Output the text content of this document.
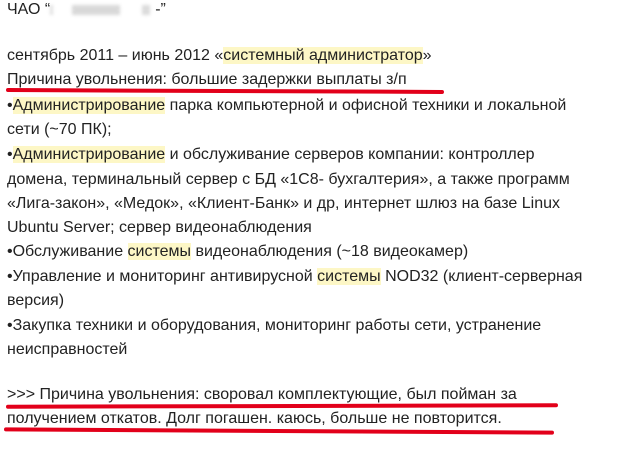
ЧАО “	-”
сентябрь 2011 – июнь 2012 «системный администратор»
Причина увольнения: большие задержки выплаты з/п
•Администрирование парка компьютерной и офисной техники и локальной
сети (~70 ПК);
•Администрирование и обслуживание серверов компании: контроллер
домена, терминальный сервер с БД «1С8- бухгалтерия», а также программ
«Лига-закон», «Медок», «Клиент-Банк» и др, интернет шлюз на базе Linux
Ubuntu Server; сервер видеонаблюдения
•Обслуживание системы видеонаблюдения (~18 видеокамер)
•Управление и мониторинг антивирусной системы NOD32 (клиент-серверная
версия)
•Закупка техники и оборудования, мониторинг работы сети, устранение
неисправностей
>>> Причина увольнения: своровал комплектующие, был пойман за
получением откатов. Долг погашен. каюсь, больше не повторится.
